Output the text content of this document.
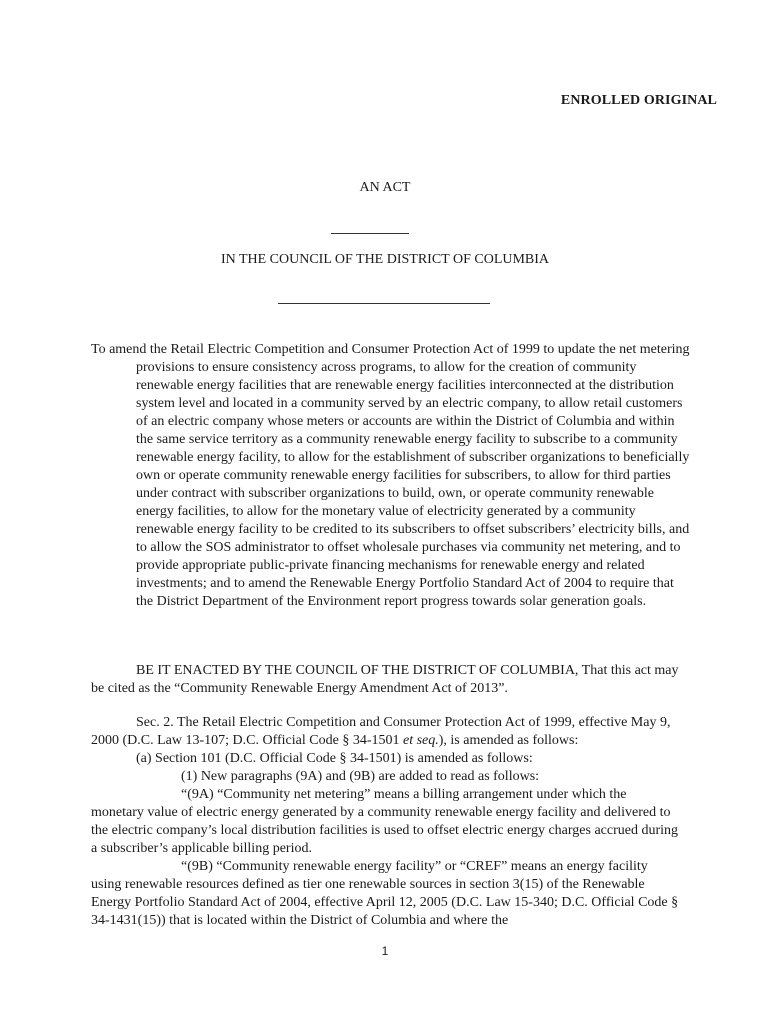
ENROLLED ORIGINAL
AN ACT
IN THE COUNCIL OF THE DISTRICT OF COLUMBIA
To amend the Retail Electric Competition and Consumer Protection Act of 1999 to update the net metering provisions to ensure consistency across programs, to allow for the creation of community renewable energy facilities that are renewable energy facilities interconnected at the distribution system level and located in a community served by an electric company, to allow retail customers of an electric company whose meters or accounts are within the District of Columbia and within the same service territory as a community renewable energy facility to subscribe to a community renewable energy facility, to allow for the establishment of subscriber organizations to beneficially own or operate community renewable energy facilities for subscribers, to allow for third parties under contract with subscriber organizations to build, own, or operate community renewable energy facilities, to allow for the monetary value of electricity generated by a community renewable energy facility to be credited to its subscribers to offset subscribers’ electricity bills, and to allow the SOS administrator to offset wholesale purchases via community net metering, and to provide appropriate public-private financing mechanisms for renewable energy and related investments; and to amend the Renewable Energy Portfolio Standard Act of 2004 to require that the District Department of the Environment report progress towards solar generation goals.
BE IT ENACTED BY THE COUNCIL OF THE DISTRICT OF COLUMBIA, That this act may be cited as the “Community Renewable Energy Amendment Act of 2013”.

Sec. 2. The Retail Electric Competition and Consumer Protection Act of 1999, effective May 9, 2000 (D.C. Law 13-107; D.C. Official Code § 34-1501 et seq.), is amended as follows:

(a) Section 101 (D.C. Official Code § 34-1501) is amended as follows:

(1) New paragraphs (9A) and (9B) are added to read as follows:

“(9A) “Community net metering” means a billing arrangement under which the monetary value of electric energy generated by a community renewable energy facility and delivered to the electric company’s local distribution facilities is used to offset electric energy charges accrued during a subscriber’s applicable billing period.

“(9B) “Community renewable energy facility” or “CREF” means an energy facility using renewable resources defined as tier one renewable sources in section 3(15) of the Renewable Energy Portfolio Standard Act of 2004, effective April 12, 2005 (D.C. Law 15-340; D.C. Official Code § 34-1431(15)) that is located within the District of Columbia and where the

1
